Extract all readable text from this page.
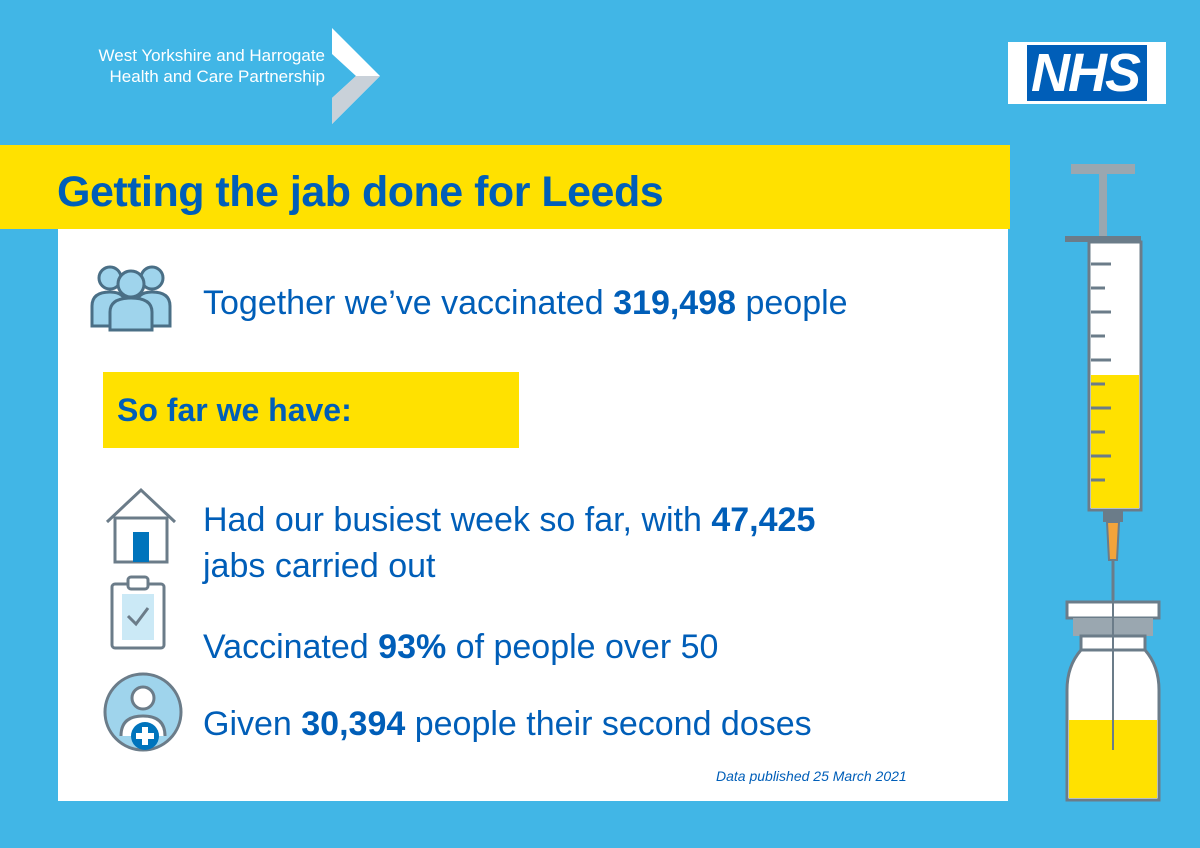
West Yorkshire and Harrogate
Health and Care Partnership	NHS
Getting the jab done for Leeds
Together we’ve vaccinated 319,498 people
So far we have:
Had our busiest week so far, with 47,425
jabs carried out
Vaccinated 93% of people over 50
Given 30,394 people their second doses
Data published 25 March 2021
